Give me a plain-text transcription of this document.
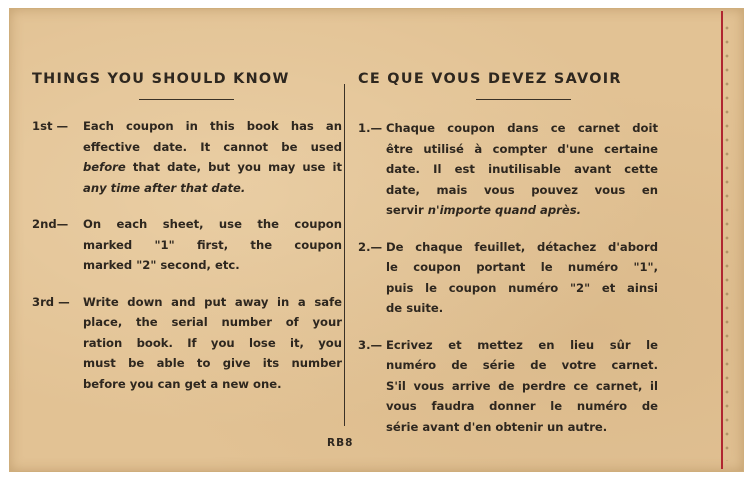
THINGS YOU SHOULD KNOW
1st — Each coupon in this book has an
effective date. It cannot be used
before that date, but you may use it
any time after that date.
2nd—	On each sheet, use the coupon
marked "1" first, the coupon
marked "2" second, etc.
3rd —	Write down and put away in a safe
place, the serial number of your
ration book. If you lose it, you
must be able to give its number
before you can get a new one.
CE QUE VOUS DEVEZ SAVOIR
1.— Chaque coupon dans ce carnet doit
être utilisé à compter d'une certaine
date. Il est inutilisable avant cette
date, mais vous pouvez vous en
servir n'importe quand après.
2.— De chaque feuillet, détachez d'abord
le coupon portant le numéro "1",
puis le coupon numéro "2" et ainsi
de suite.
3.— Ecrivez et mettez en lieu sûr le
numéro de série de votre carnet.
S'il vous arrive de perdre ce carnet, il
vous faudra donner le numéro de
série avant d'en obtenir un autre.
RB8
